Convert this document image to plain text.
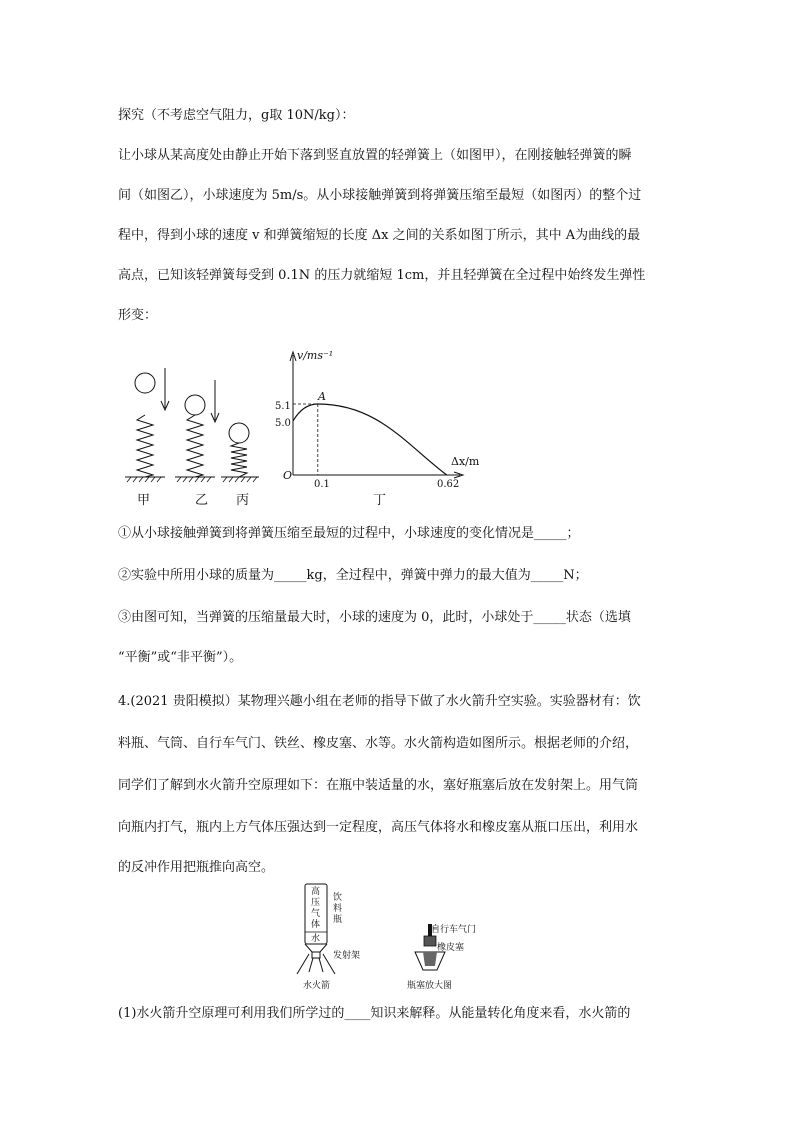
探究（不考虑空气阻力，g取 10N/kg）：
让小球从某高度处由静止开始下落到竖直放置的轻弹簧上（如图甲），在刚接触轻弹簧的瞬
间（如图乙），小球速度为 5m/s。从小球接触弹簧到将弹簧压缩至最短（如图丙）的整个过
程中，得到小球的速度 v 和弹簧缩短的长度 Δx 之间的关系如图丁所示，其中 A为曲线的最
高点，已知该轻弹簧每受到 0.1N 的压力就缩短 1cm，并且轻弹簧在全过程中始终发生弹性
形变：
甲	乙 丙
v/ms⁻¹
Δx/m
O
5.1
5.0
0.1	0.62
A
丁
①从小球接触弹簧到将弹簧压缩至最短的过程中，小球速度的变化情况是_____；
②实验中所用小球的质量为_____kg，全过程中，弹簧中弹力的最大值为_____N；
③由图可知，当弹簧的压缩量最大时，小球的速度为 0，此时，小球处于_____状态（选填
“平衡”或“非平衡”）。
4.(2021 贵阳模拟）某物理兴趣小组在老师的指导下做了水火箭升空实验。实验器材有：饮
料瓶、气筒、自行车气门、铁丝、橡皮塞、水等。水火箭构造如图所示。根据老师的介绍，
同学们了解到水火箭升空原理如下：在瓶中装适量的水，塞好瓶塞后放在发射架上。用气筒
向瓶内打气，瓶内上方气体压强达到一定程度，高压气体将水和橡皮塞从瓶口压出，利用水
的反冲作用把瓶推向高空。
高
压
气
体
水
饮
料
瓶
发射架
水火箭
自行车气门
橡皮塞
瓶塞放大图
(1)水火箭升空原理可利用我们所学过的____知识来解释。从能量转化角度来看，水火箭的
